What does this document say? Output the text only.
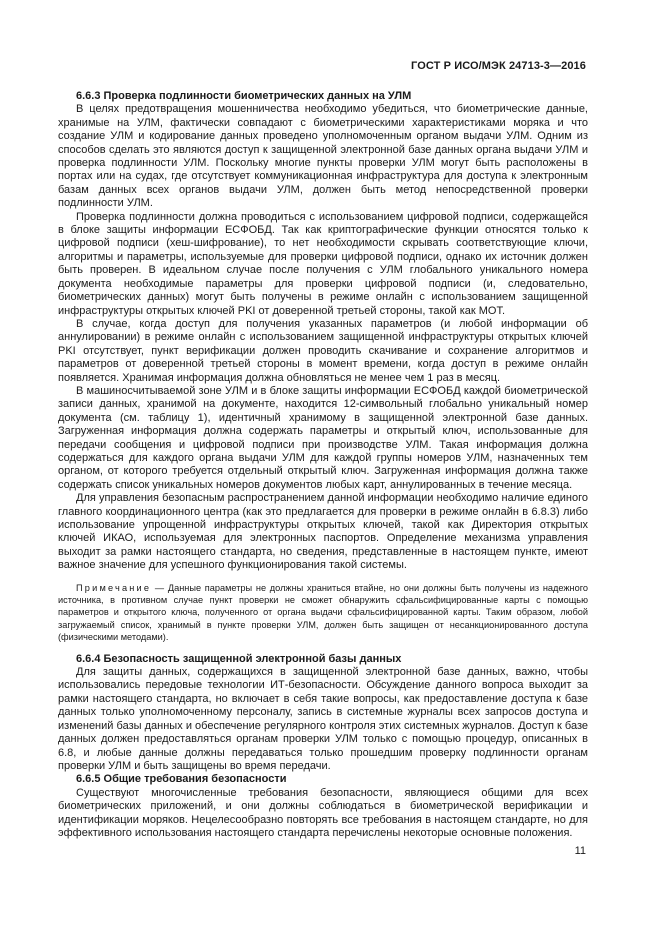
ГОСТ Р ИСО/МЭК 24713-3—2016

6.6.3 Проверка подлинности биометрических данных на УЛМ

В целях предотвращения мошенничества необходимо убедиться, что биометрические данные, хранимые на УЛМ, фактически совпадают с биометрическими характеристиками моряка и что создание УЛМ и кодирование данных проведено уполномоченным органом выдачи УЛМ. Одним из способов сделать это являются доступ к защищенной электронной базе данных органа выдачи УЛМ и проверка подлинности УЛМ. Поскольку многие пункты проверки УЛМ могут быть расположены в портах или на судах, где отсутствует коммуникационная инфраструктура для доступа к электронным базам данных всех органов выдачи УЛМ, должен быть метод непосредственной проверки подлинности УЛМ.

Проверка подлинности должна проводиться с использованием цифровой подписи, содержащейся в блоке защиты информации ЕСФОБД. Так как криптографические функции относятся только к цифровой подписи (хеш-шифрование), то нет необходимости скрывать соответствующие ключи, алгоритмы и параметры, используемые для проверки цифровой подписи, однако их источник должен быть проверен. В идеальном случае после получения с УЛМ глобального уникального номера документа необходимые параметры для проверки цифровой подписи (и, следовательно, биометрических данных) могут быть получены в режиме онлайн с использованием защищенной инфраструктуры открытых ключей PKI от доверенной третьей стороны, такой как МОТ.

В случае, когда доступ для получения указанных параметров (и любой информации об аннулировании) в режиме онлайн с использованием защищенной инфраструктуры открытых ключей PKI отсутствует, пункт верификации должен проводить скачивание и сохранение алгоритмов и параметров от доверенной третьей стороны в момент времени, когда доступ в режиме онлайн появляется. Хранимая информация должна обновляться не менее чем 1 раз в месяц.

В машиносчитываемой зоне УЛМ и в блоке защиты информации ЕСФОБД каждой биометрической записи данных, хранимой на документе, находится 12-символьный глобально уникальный номер документа (см. таблицу 1), идентичный хранимому в защищенной электронной базе данных. Загруженная информация должна содержать параметры и открытый ключ, использованные для передачи сообщения и цифровой подписи при производстве УЛМ. Такая информация должна содержаться для каждого органа выдачи УЛМ для каждой группы номеров УЛМ, назначенных тем органом, от которого требуется отдельный открытый ключ. Загруженная информация должна также содержать список уникальных номеров документов любых карт, аннулированных в течение месяца.

Для управления безопасным распространением данной информации необходимо наличие единого главного координационного центра (как это предлагается для проверки в режиме онлайн в 6.8.3) либо использование упрощенной инфраструктуры открытых ключей, такой как Директория открытых ключей ИКАО, используемая для электронных паспортов. Определение механизма управления выходит за рамки настоящего стандарта, но сведения, представленные в настоящем пункте, имеют важное значение для успешного функционирования такой системы.

Примечание — Данные параметры не должны храниться втайне, но они должны быть получены из надежного источника, в противном случае пункт проверки не сможет обнаружить сфальсифицированные карты с помощью параметров и открытого ключа, полученного от органа выдачи сфальсифицированной карты. Таким образом, любой загружаемый список, хранимый в пункте проверки УЛМ, должен быть защищен от несанкционированного доступа (физическими методами).

6.6.4 Безопасность защищенной электронной базы данных

Для защиты данных, содержащихся в защищенной электронной базе данных, важно, чтобы использовались передовые технологии ИТ-безопасности. Обсуждение данного вопроса выходит за рамки настоящего стандарта, но включает в себя такие вопросы, как предоставление доступа к базе данных только уполномоченному персоналу, запись в системные журналы всех запросов доступа и изменений базы данных и обеспечение регулярного контроля этих системных журналов. Доступ к базе данных должен предоставляться органам проверки УЛМ только с помощью процедур, описанных в 6.8, и любые данные должны передаваться только прошедшим проверку подлинности органам проверки УЛМ и быть защищены во время передачи.

6.6.5 Общие требования безопасности

Существуют многочисленные требования безопасности, являющиеся общими для всех биометрических приложений, и они должны соблюдаться в биометрической верификации и идентификации моряков. Нецелесообразно повторять все требования в настоящем стандарте, но для эффективного использования настоящего стандарта перечислены некоторые основные положения.

11
